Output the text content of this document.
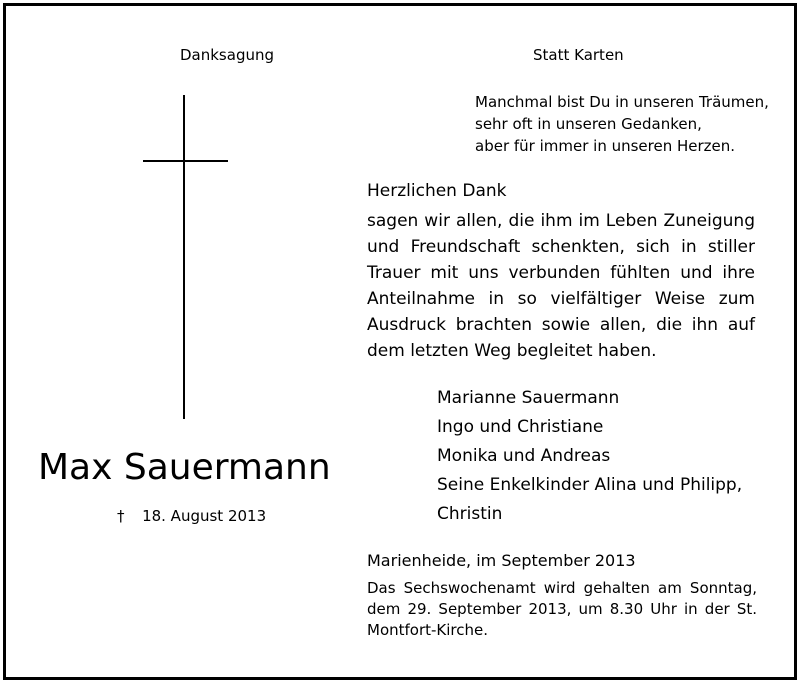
Danksagung	Statt Karten
Manchmal bist Du in unseren Träumen,
sehr oft in unseren Gedanken,
aber für immer in unseren Herzen.
Herzlichen Dank
sagen wir allen, die ihm im Leben Zuneigung und Freundschaft schenkten, sich in stiller Trauer mit uns verbunden fühlten und ihre Anteilnahme in so vielfältiger Weise zum Ausdruck brachten sowie allen, die ihn auf dem letzten Weg begleitet haben.
Max Sauermann
† 18. August 2013
Marianne Sauermann
Ingo und Christiane
Monika und Andreas
Seine Enkelkinder Alina und Philipp,
Christin
Marienheide, im September 2013
Das Sechswochenamt wird gehalten am Sonntag, dem 29. September 2013, um 8.30 Uhr in der St. Montfort-Kirche.
